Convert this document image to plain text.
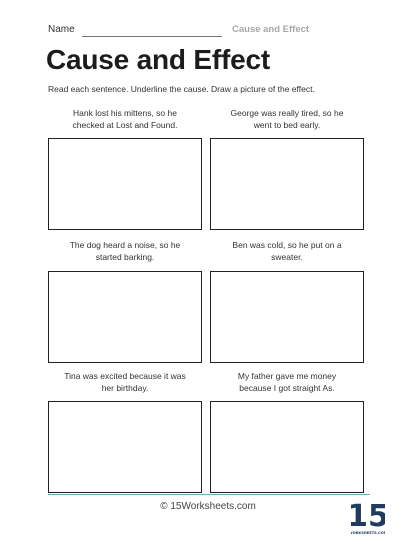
Name	Cause and Effect
Cause and Effect
Read each sentence. Underline the cause. Draw a picture of the effect.
Hank lost his mittens, so he
checked at Lost and Found.
George was really tired, so he
went to bed early.
The dog heard a noise, so he
started barking.
Ben was cold, so he put on a
sweater.
Tina was excited because it was
her birthday.
My father gave me money
because I got straight As.
© 15Worksheets.com	15
ORKSHEETS.CO
